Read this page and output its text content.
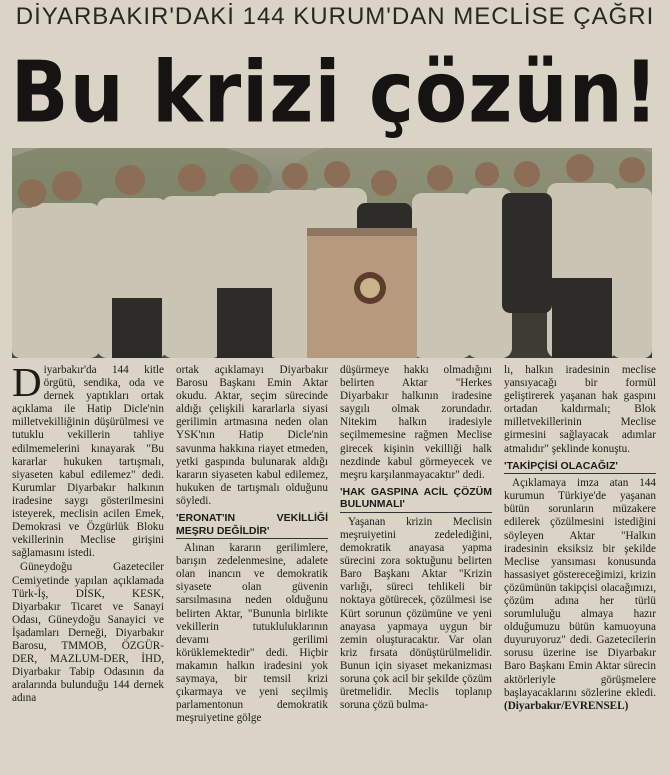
DİYARBAKIR'DAKİ 144 KURUM'DAN MECLİSE ÇAĞRI
Bu krizi çözün!

Diyarbakır'da 144 kitle örgütü, sendika, oda ve dernek yaptıkları ortak açıklama ile Hatip Dicle'nin milletvekilliğinin düşürülmesi ve tutuklu vekillerin tahliye edilmemelerini kınayarak "Bu kararlar hukuken tartışmalı, siyaseten kabul edilemez" dedi. Kurumlar Diyarbakır halkının iradesine saygı gösterilmesini isteyerek, meclisin acilen Emek, Demokrasi ve Özgürlük Bloku vekillerinin Meclise girişini sağlamasını istedi.

Güneydoğu Gazeteciler Cemiyetinde yapılan açıklamada Türk-İş, DİSK, KESK, Diyarbakır Ticaret ve Sanayi Odası, Güneydoğu Sanayici ve İşadamları Derneği, Diyarbakır Barosu, TMMOB, ÖZGÜR-DER, MAZLUM-DER, İHD, Diyarbakır Tabip Odasının da aralarında bulunduğu 144 dernek adına

ortak açıklamayı Diyarbakır Barosu Başkanı Emin Aktar okudu. Aktar, seçim sürecinde aldığı çelişkili kararlarla siyasi gerilimin artmasına neden olan YSK'nın Hatip Dicle'nin savunma hakkına riayet etmeden, yetki gaspında bulunarak aldığı kararın siyaseten kabul edilemez, hukuken de tartışmalı olduğunu söyledi.

'ERONAT'IN VEKİLLİĞİ MEŞRU DEĞİLDİR'

Alınan kararın gerilimlere, barışın zedelenmesine, adalete olan inancın ve demokratik siyasete olan güvenin sarsılmasına neden olduğunu belirten Aktar, "Bununla birlikte vekillerin tutukluluklarının devamı gerilimi körüklemektedir" dedi. Hiçbir makamın halkın iradesini yok saymaya, bir temsil krizi çıkarmaya ve yeni seçilmiş parlamentonun demokratik meşruiyetine gölge

düşürmeye hakkı olmadığını belirten Aktar "Herkes Diyarbakır halkının iradesine saygılı olmak zorundadır. Nitekim halkın iradesiyle seçilmemesine rağmen Meclise girecek kişinin vekilliği halk nezdinde kabul görmeyecek ve meşru karşılanmayacaktır" dedi.

'HAK GASPINA ACİL ÇÖZÜM BULUNMALI'

Yaşanan krizin Meclisin meşruiyetini zedelediğini, demokratik anayasa yapma sürecini zora soktuğunu belirten Baro Başkanı Aktar "Krizin varlığı, süreci tehlikeli bir noktaya götürecek, çözülmesi ise Kürt sorunun çözümüne ve yeni anayasa yapmaya uygun bir zemin oluşturacaktır. Var olan kriz fırsata dönüştürülmelidir. Bunun için siyaset mekanizması soruna çok acil bir şekilde çözüm üretmelidir. Meclis toplanıp soruna çözü bulma-

lı, halkın iradesinin meclise yansıyacağı bir formül geliştirerek yaşanan hak gaspını ortadan kaldırmalı; Blok milletvekillerinin Meclise girmesini sağlayacak adımlar atmalıdır" şeklinde konuştu.

'TAKİPÇİSİ OLACAĞIZ'

Açıklamaya imza atan 144 kurumun Türkiye'de yaşanan bütün sorunların müzakere edilerek çözülmesini istediğini söyleyen Aktar "Halkın iradesinin eksiksiz bir şekilde Meclise yansıması konusunda hassasiyet göstereceğimizi, krizin çözümünün takipçisi olacağımızı, çözüm adına her türlü sorumluluğu almaya hazır olduğumuzu bütün kamuoyuna duyuruyoruz" dedi. Gazetecilerin sorusu üzerine ise Diyarbakır Baro Başkanı Emin Aktar sürecin aktörleriyle görüşmelere başlayacaklarını sözlerine ekledi. (Diyarbakır/EVRENSEL)
